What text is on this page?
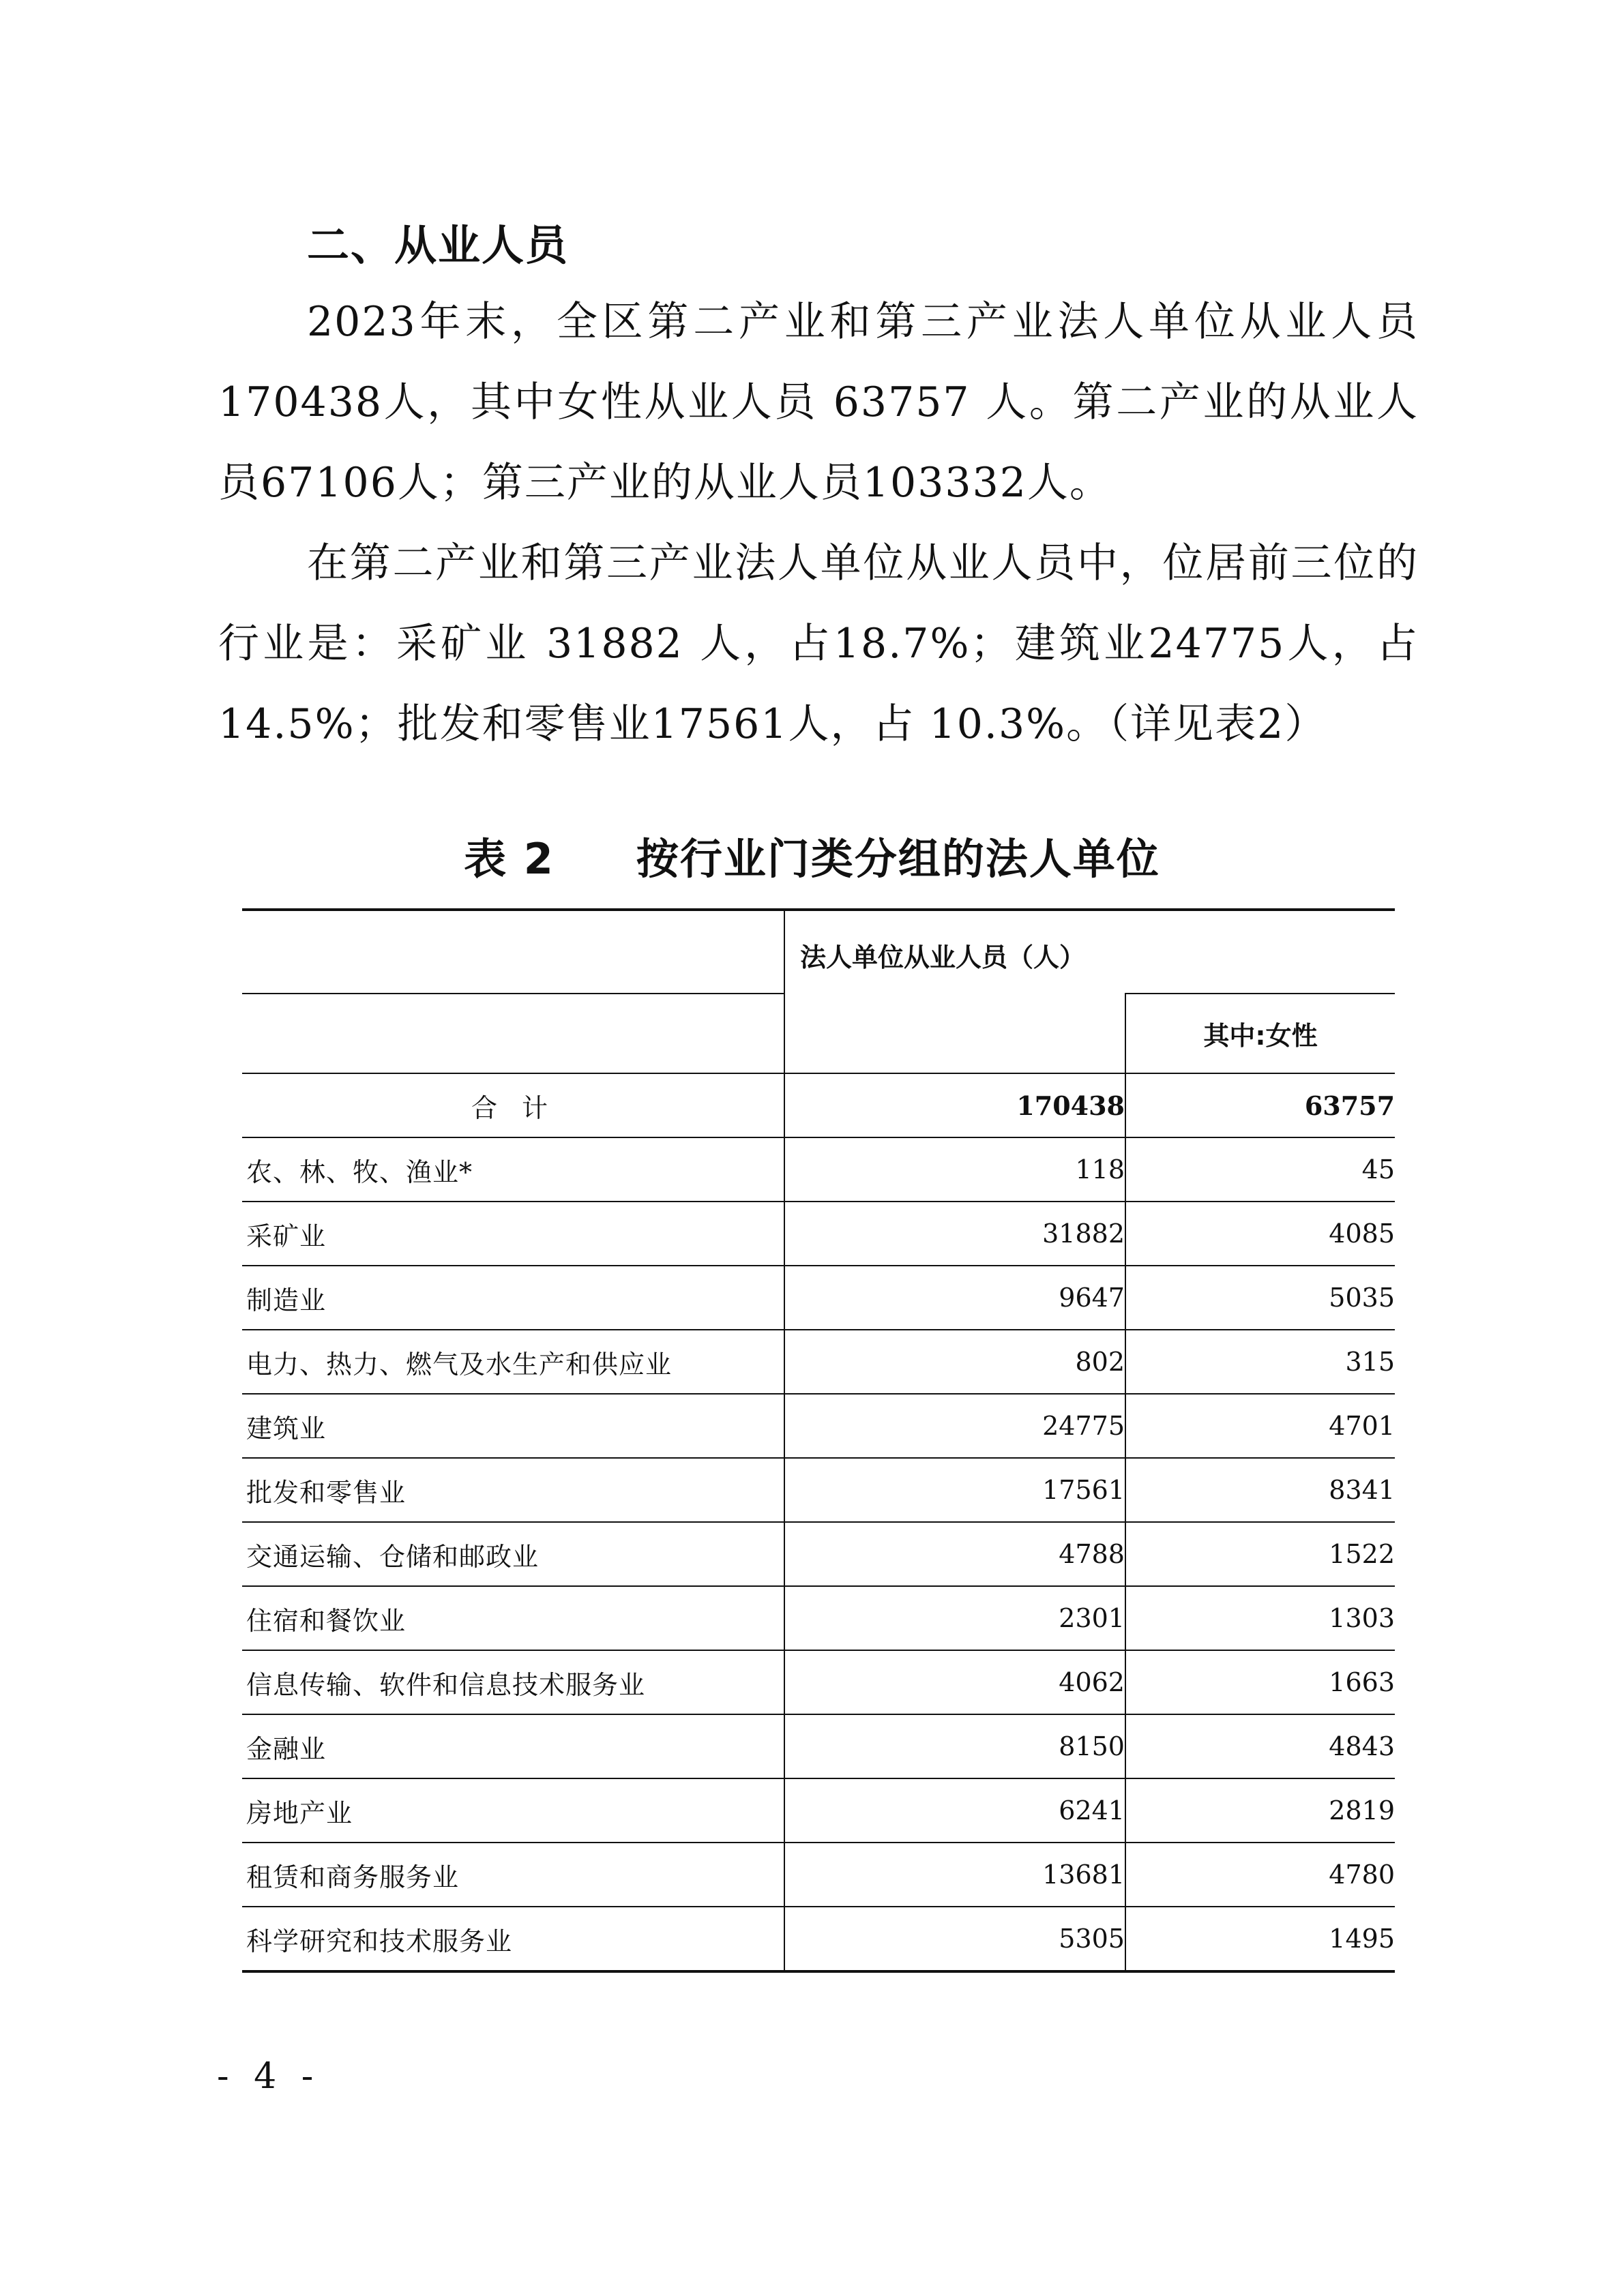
二、从业人员

2023年末，全区第二产业和第三产业法人单位从业人员170438人，其中女性从业人员 63757 人。第二产业的从业人员67106人；第三产业的从业人员103332人。

在第二产业和第三产业法人单位从业人员中，位居前三位的行业是：采矿业 31882 人，占18.7%；建筑业24775人，占 14.5%；批发和零售业17561人，占 10.3%。（详见表2）

表 2 按行业门类分组的法人单位
	法人单位从业人员（人）	
		其中:女性
合 计	170438	63757
农、林、牧、渔业*	118	45
采矿业	31882	4085
制造业	9647	5035
电力、热力、燃气及水生产和供应业	802	315
建筑业	24775	4701
批发和零售业	17561	8341
交通运输、仓储和邮政业	4788	1522
住宿和餐饮业	2301	1303
信息传输、软件和信息技术服务业	4062	1663
金融业	8150	4843
房地产业	6241	2819
租赁和商务服务业	13681	4780
科学研究和技术服务业	5305	1495
- 4 -
